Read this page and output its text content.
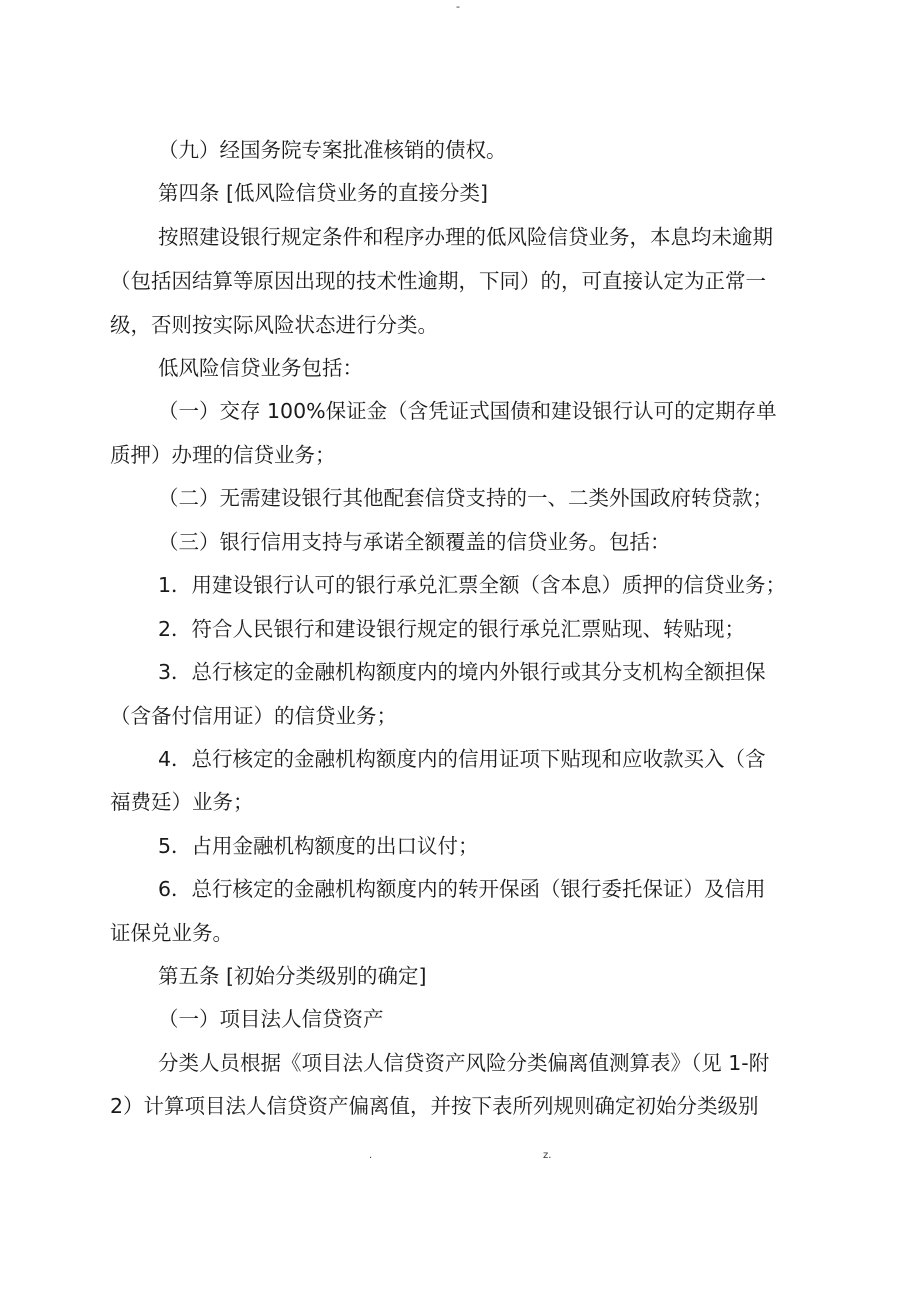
-

（九）经国务院专案批准核销的债权。

第四条 [低风险信贷业务的直接分类]

按照建设银行规定条件和程序办理的低风险信贷业务，本息均未逾期

（包括因结算等原因出现的技术性逾期，下同）的，可直接认定为正常一

级，否则按实际风险状态进行分类。

低风险信贷业务包括：

（一）交存 100%保证金（含凭证式国债和建设银行认可的定期存单

质押）办理的信贷业务；

（二）无需建设银行其他配套信贷支持的一、二类外国政府转贷款；

（三）银行信用支持与承诺全额覆盖的信贷业务。包括：

1．用建设银行认可的银行承兑汇票全额（含本息）质押的信贷业务；

2．符合人民银行和建设银行规定的银行承兑汇票贴现、转贴现；

3．总行核定的金融机构额度内的境内外银行或其分支机构全额担保

（含备付信用证）的信贷业务；

4．总行核定的金融机构额度内的信用证项下贴现和应收款买入（含

福费廷）业务；

5．占用金融机构额度的出口议付；

6．总行核定的金融机构额度内的转开保函（银行委托保证）及信用

证保兑业务。

第五条 [初始分类级别的确定]

（一）项目法人信贷资产

分类人员根据《项目法人信贷资产风险分类偏离值测算表》（见 1-附

2）计算项目法人信贷资产偏离值，并按下表所列规则确定初始分类级别

.	z.
